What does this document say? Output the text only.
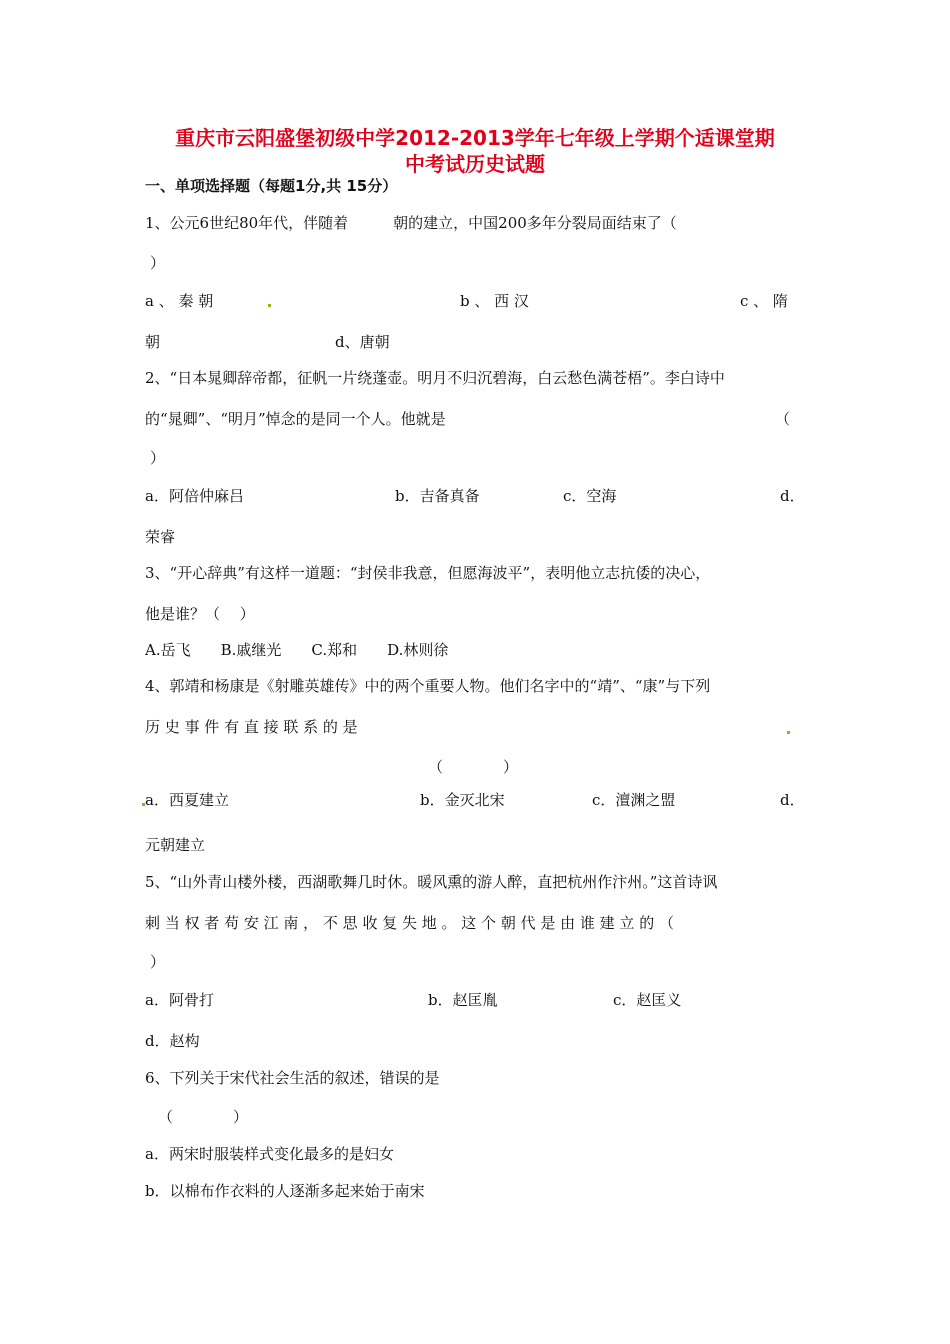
重庆市云阳盛堡初级中学2012-2013学年七年级上学期个适课堂期
中考试历史试题
一、单项选择题（每题1分,共 15分）
1、公元6世纪80年代，伴随着　　　朝的建立，中国200多年分裂局面结束了（
）
a 、 秦 朝	b 、 西 汉	c 、 隋
朝	d、唐朝
2、“日本晁卿辞帝都，征帆一片绕蓬壶。明月不归沉碧海，白云愁色满苍梧”。李白诗中
的“晁卿”、“明月”悼念的是同一个人。他就是	（
）
a．阿倍仲麻吕	b．吉备真备	c．空海	d．
荣睿
3、“开心辞典”有这样一道题：“封侯非我意，但愿海波平”，表明他立志抗倭的决心，
他是谁？（　 ）
A.岳飞　　B.戚继光　　C.郑和　　D.林则徐
4、郭靖和杨康是《射雕英雄传》中的两个重要人物。他们名字中的“靖”、“康”与下列
历 史 事 件 有 直 接 联 系 的 是
（　　　　）
a．西夏建立	b．金灭北宋	c．澶渊之盟	d．
元朝建立
5、“山外青山楼外楼，西湖歌舞几时休。暖风熏的游人醉，直把杭州作汴州。”这首诗讽
刺 当 权 者 苟 安 江 南 ， 不 思 收 复 失 地 。 这 个 朝 代 是 由 谁 建 立 的 （
）
a．阿骨打	b．赵匡胤	c．赵匡义
d．赵构
6、下列关于宋代社会生活的叙述，错误的是
（　　　　）
a．两宋时服装样式变化最多的是妇女
b．以棉布作衣料的人逐渐多起来始于南宋
